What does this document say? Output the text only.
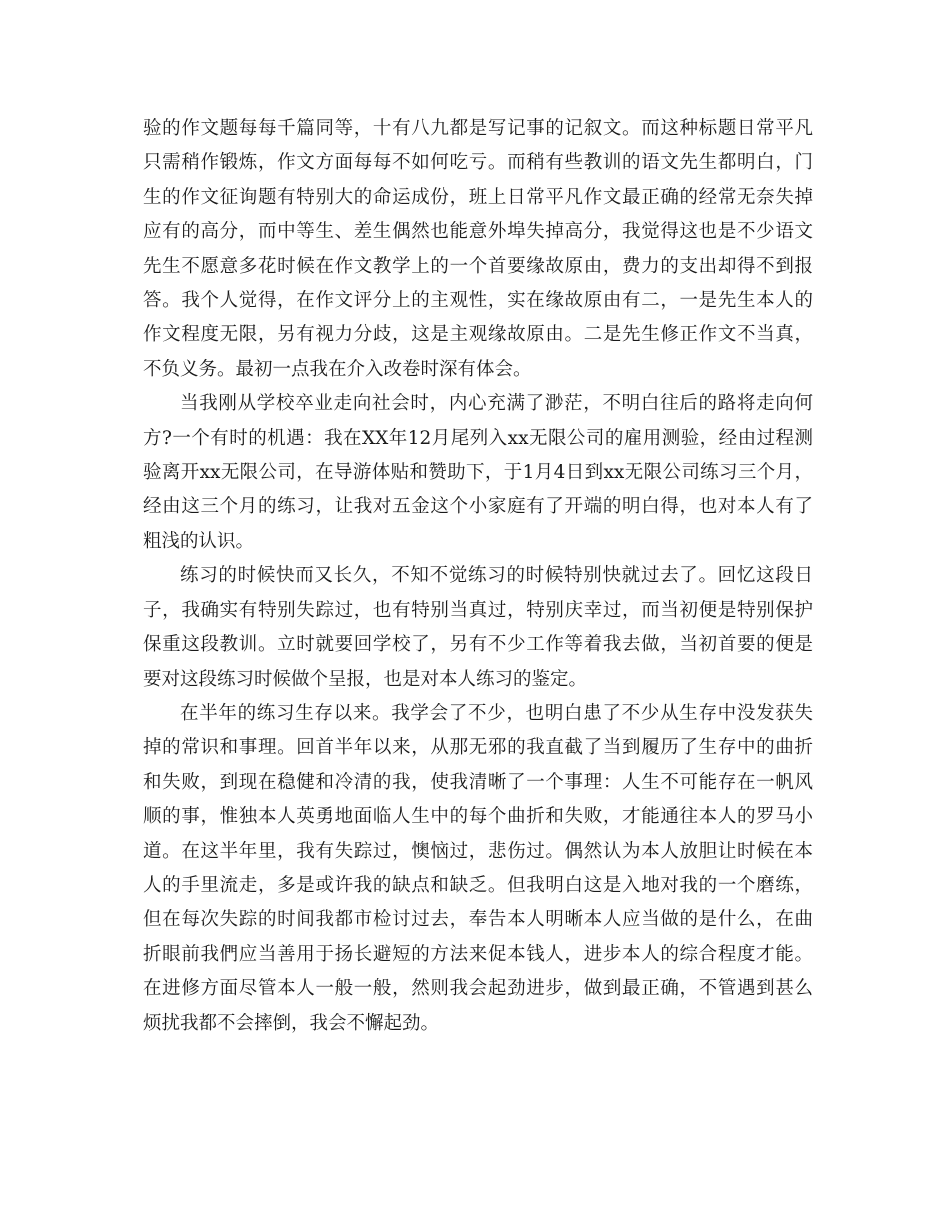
验的作文题每每千篇同等，十有八九都是写记事的记叙文。而这种标题日常平凡
只需稍作锻炼，作文方面每每不如何吃亏。而稍有些教训的语文先生都明白，门
生的作文征询题有特别大的命运成份，班上日常平凡作文最正确的经常无奈失掉
应有的高分，而中等生、差生偶然也能意外埠失掉高分，我觉得这也是不少语文
先生不愿意多花时候在作文教学上的一个首要缘故原由，费力的支出却得不到报
答。我个人觉得，在作文评分上的主观性，实在缘故原由有二，一是先生本人的
作文程度无限，另有视力分歧，这是主观缘故原由。二是先生修正作文不当真，
不负义务。最初一点我在介入改卷时深有体会。
当我刚从学校卒业走向社会时，内心充满了渺茫，不明白往后的路将走向何
方?一个有时的机遇：我在XX年12月尾列入xx无限公司的雇用测验，经由过程测
验离开xx无限公司，在导游体贴和赞助下，于1月4日到xx无限公司练习三个月，
经由这三个月的练习，让我对五金这个小家庭有了开端的明白得，也对本人有了
粗浅的认识。
练习的时候快而又长久，不知不觉练习的时候特别快就过去了。回忆这段日
子，我确实有特别失踪过，也有特别当真过，特别庆幸过，而当初便是特别保护
保重这段教训。立时就要回学校了，另有不少工作等着我去做，当初首要的便是
要对这段练习时候做个呈报，也是对本人练习的鉴定。
在半年的练习生存以来。我学会了不少，也明白患了不少从生存中没发获失
掉的常识和事理。回首半年以来，从那无邪的我直截了当到履历了生存中的曲折
和失败，到现在稳健和冷清的我，使我清晰了一个事理：人生不可能存在一帆风
顺的事，惟独本人英勇地面临人生中的每个曲折和失败，才能通往本人的罗马小
道。在这半年里，我有失踪过，懊恼过，悲伤过。偶然认为本人放胆让时候在本
人的手里流走，多是或许我的缺点和缺乏。但我明白这是入地对我的一个磨练，
但在每次失踪的时间我都市检讨过去，奉告本人明晰本人应当做的是什么，在曲
折眼前我們应当善用于扬长避短的方法来促本钱人，进步本人的综合程度才能。
在进修方面尽管本人一般一般，然则我会起劲进步，做到最正确，不管遇到甚么
烦扰我都不会摔倒，我会不懈起劲。
